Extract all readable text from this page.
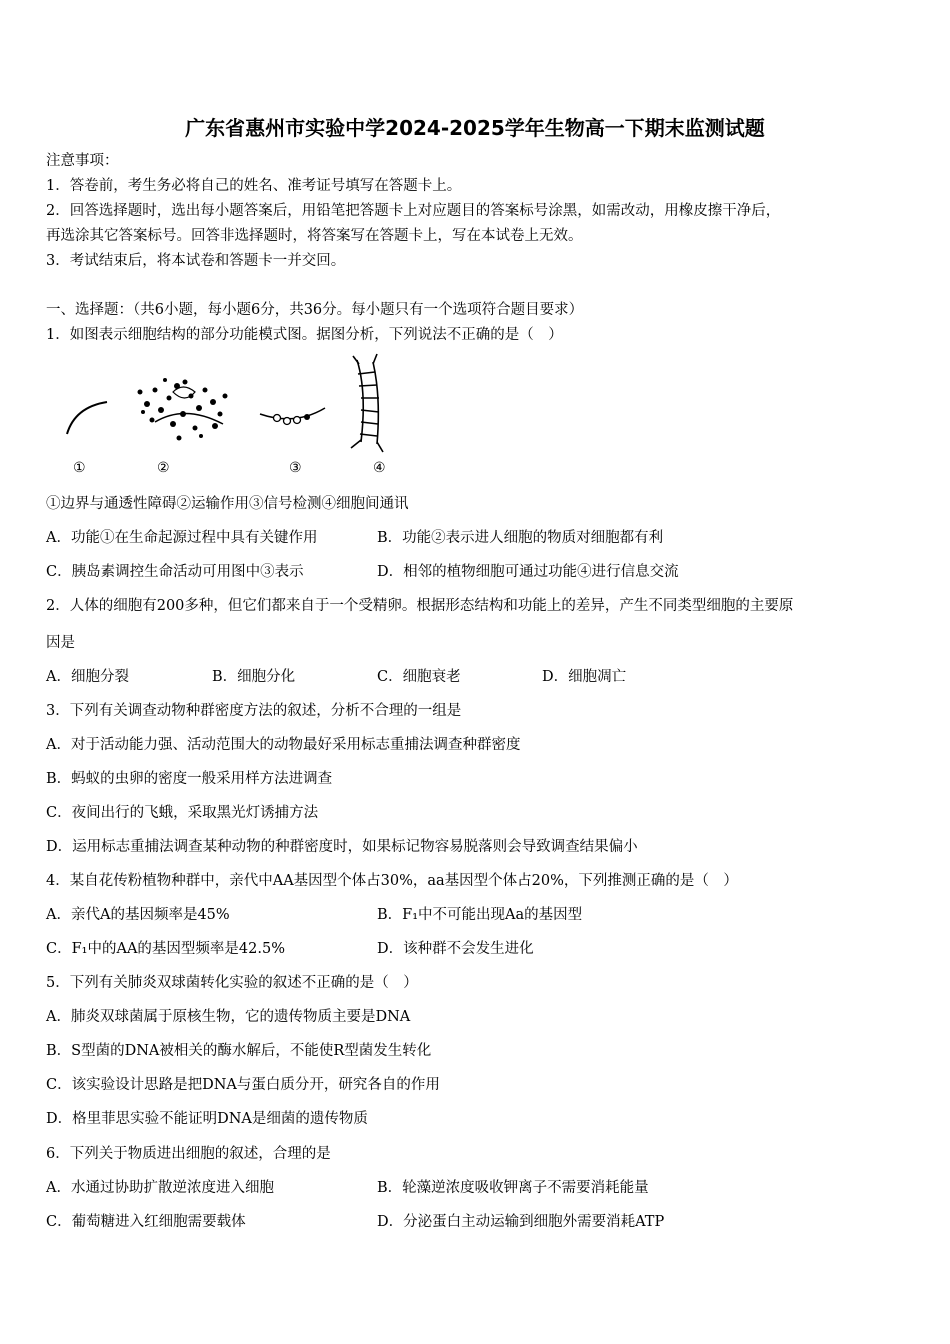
广东省惠州市实验中学2024-2025学年生物高一下期末监测试题
注意事项：
1．答卷前，考生务必将自己的姓名、准考证号填写在答题卡上。
2．回答选择题时，选出每小题答案后，用铅笔把答题卡上对应题目的答案标号涂黑，如需改动，用橡皮擦干净后，
再选涂其它答案标号。回答非选择题时，将答案写在答题卡上，写在本试卷上无效。
3．考试结束后，将本试卷和答题卡一并交回。
一、选择题：（共6小题，每小题6分，共36分。每小题只有一个选项符合题目要求）
1．如图表示细胞结构的部分功能模式图。据图分析，下列说法不正确的是（　）
①	②	③	④
①边界与通透性障碍②运输作用③信号检测④细胞间通讯
A．功能①在生命起源过程中具有关键作用	B．功能②表示进人细胞的物质对细胞都有利
C．胰岛素调控生命活动可用图中③表示	D．相邻的植物细胞可通过功能④进行信息交流
2．人体的细胞有200多种，但它们都来自于一个受精卵。根据形态结构和功能上的差异，产生不同类型细胞的主要原
因是
A．细胞分裂	B．细胞分化	C．细胞衰老	D．细胞凋亡
3．下列有关调查动物种群密度方法的叙述，分析不合理的一组是
A．对于活动能力强、活动范围大的动物最好采用标志重捕法调查种群密度
B．蚂蚁的虫卵的密度一般采用样方法进调查
C．夜间出行的飞蛾，采取黑光灯诱捕方法
D．运用标志重捕法调查某种动物的种群密度时，如果标记物容易脱落则会导致调查结果偏小
4．某自花传粉植物种群中，亲代中AA基因型个体占30%，aa基因型个体占20%，下列推测正确的是（　）
A．亲代A的基因频率是45%	B．F₁中不可能出现Aa的基因型
C．F₁中的AA的基因型频率是42.5%	D．该种群不会发生进化
5．下列有关肺炎双球菌转化实验的叙述不正确的是（　）
A．肺炎双球菌属于原核生物，它的遗传物质主要是DNA
B．S型菌的DNA被相关的酶水解后，不能使R型菌发生转化
C．该实验设计思路是把DNA与蛋白质分开，研究各自的作用
D．格里菲思实验不能证明DNA是细菌的遗传物质
6．下列关于物质进出细胞的叙述，合理的是
A．水通过协助扩散逆浓度进入细胞	B．轮藻逆浓度吸收钾离子不需要消耗能量
C．葡萄糖进入红细胞需要载体	D．分泌蛋白主动运输到细胞外需要消耗ATP
